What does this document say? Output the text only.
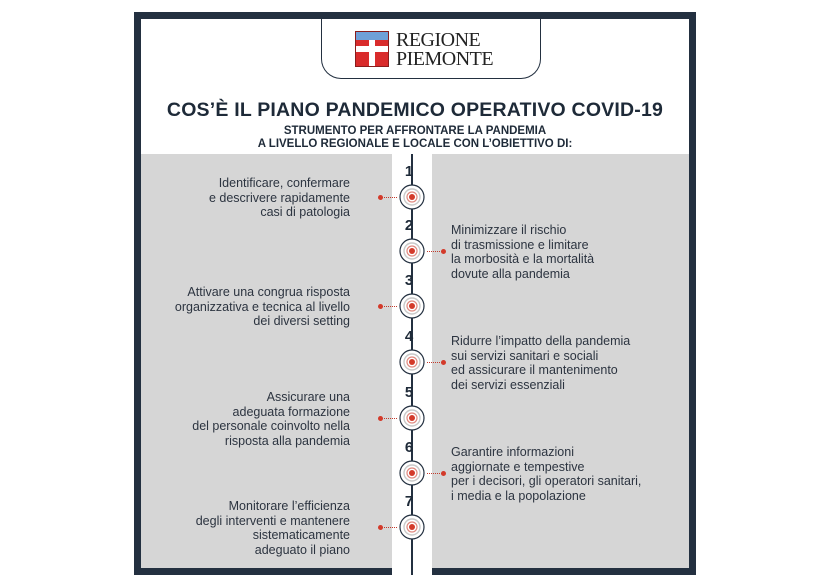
REGIONE
PIEMONTE
COS’È IL PIANO PANDEMICO OPERATIVO COVID-19
STRUMENTO PER AFFRONTARE LA PANDEMIA
A LIVELLO REGIONALE E LOCALE CON L’OBIETTIVO DI:
1
Identificare, confermare
e descrivere rapidamente
casi di patologia
2	Minimizzare il rischio
di trasmissione e limitare
la morbosità e la mortalità
dovute alla pandemia
3
Attivare una congrua risposta
organizzativa e tecnica al livello
dei diversi setting
4	Ridurre l’impatto della pandemia
sui servizi sanitari e sociali
ed assicurare il mantenimento
dei servizi essenziali
5
Assicurare una
adeguata formazione
del personale coinvolto nella
risposta alla pandemia	6	Garantire informazioni
aggiornate e tempestive
per i decisori, gli operatori sanitari,
i media e la popolazione
7
Monitorare l’efficienza
degli interventi e mantenere
sistematicamente
adeguato il piano
